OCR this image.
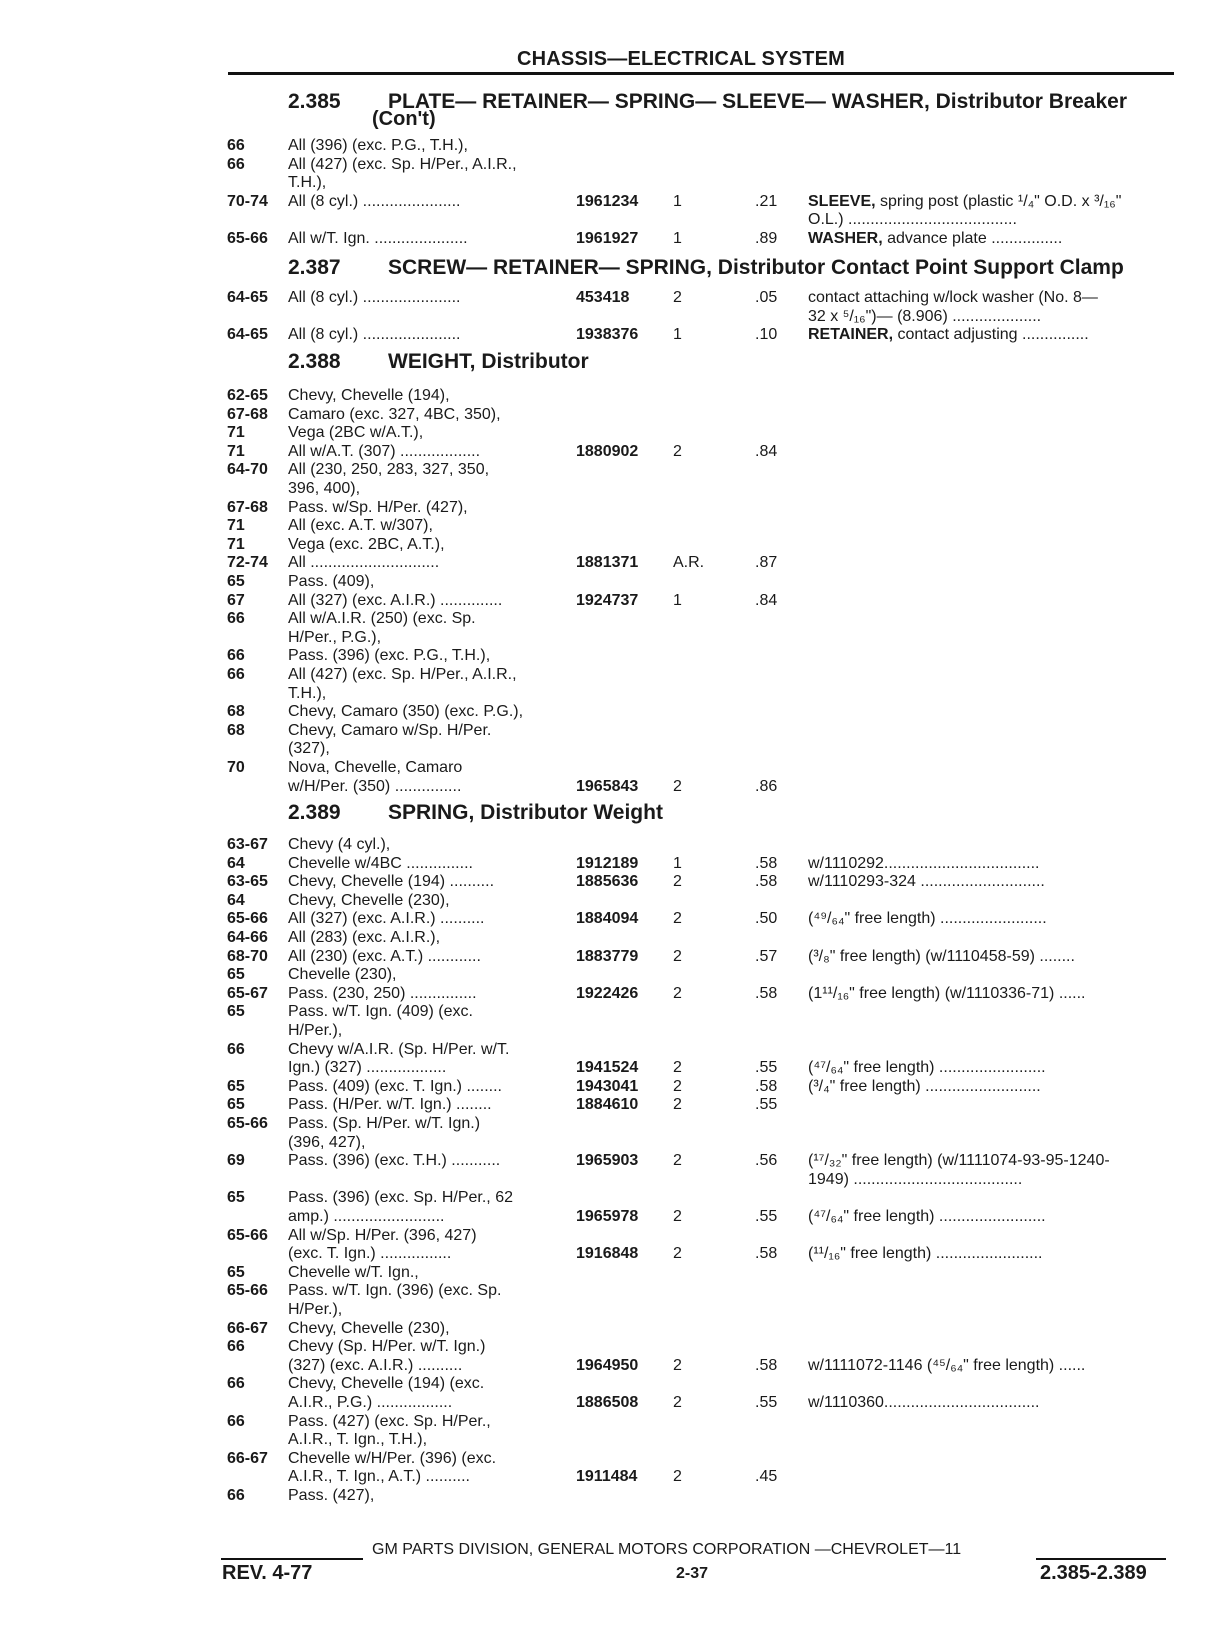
CHASSIS—ELECTRICAL SYSTEM
2.385 PLATE— RETAINER— SPRING— SLEEVE— WASHER, Distributor Breaker
(Con't)
2.387 SCREW— RETAINER— SPRING, Distributor Contact Point Support Clamp
2.388 WEIGHT, Distributor
2.389 SPRING, Distributor Weight
66	All (396) (exc. P.G., T.H.),
66	All (427) (exc. Sp. H/Per., A.I.R.,
T.H.),
70-74 All (8 cyl.) ......................	1961234 1	.21 SLEEVE, spring post (plastic ¹/₄" O.D. x ³/₁₆"
O.L.) ......................................
65-66 All w/T. Ign. .....................	1961927 1	.89 WASHER, advance plate ................
64-65 All (8 cyl.) ......................	453418	2	.05 contact attaching w/lock washer (No. 8—
32 x ⁵/₁₆")— (8.906) ....................
64-65 All (8 cyl.) ......................	1938376 1	.10 RETAINER, contact adjusting ...............
62-65 Chevy, Chevelle (194),
67-68 Camaro (exc. 327, 4BC, 350),
71	Vega (2BC w/A.T.),
71	All w/A.T. (307) ..................	1880902 2	.84
64-70 All (230, 250, 283, 327, 350,
396, 400),
67-68 Pass. w/Sp. H/Per. (427),
71	All (exc. A.T. w/307),
71	Vega (exc. 2BC, A.T.),
72-74 All .............................	1881371 A.R.	.87
65	Pass. (409),
67	All (327) (exc. A.I.R.) ..............	1924737 1	.84
66	All w/A.I.R. (250) (exc. Sp.
H/Per., P.G.),
66	Pass. (396) (exc. P.G., T.H.),
66	All (427) (exc. Sp. H/Per., A.I.R.,
T.H.),
68	Chevy, Camaro (350) (exc. P.G.),
68	Chevy, Camaro w/Sp. H/Per.
(327),
70	Nova, Chevelle, Camaro
w/H/Per. (350) ...............	1965843 2	.86
63-67 Chevy (4 cyl.),
64	Chevelle w/4BC ...............	1912189 1	.58 w/1110292...................................
63-65 Chevy, Chevelle (194) ..........	1885636 2	.58 w/1110293-324 ............................
64	Chevy, Chevelle (230),
65-66 All (327) (exc. A.I.R.) ..........	1884094 2	.50 (⁴⁹/₆₄" free length) ........................
64-66 All (283) (exc. A.I.R.),
68-70 All (230) (exc. A.T.) ............	1883779 2	.57 (³/₈" free length) (w/1110458-59) ........
65	Chevelle (230),
65-67 Pass. (230, 250) ...............	1922426 2	.58 (1¹¹/₁₆" free length) (w/1110336-71) ......
65	Pass. w/T. Ign. (409) (exc.
H/Per.),
66	Chevy w/A.I.R. (Sp. H/Per. w/T.
Ign.) (327) ..................	1941524 2	.55 (⁴⁷/₆₄" free length) ........................
65	Pass. (409) (exc. T. Ign.) ........	1943041 2	.58 (³/₄" free length) ..........................
65	Pass. (H/Per. w/T. Ign.) ........	1884610 2	.55
65-66 Pass. (Sp. H/Per. w/T. Ign.)
(396, 427),
69	Pass. (396) (exc. T.H.) ...........	1965903 2	.56 (¹⁷/₃₂" free length) (w/1111074-93-95-1240-
1949) ......................................
65	Pass. (396) (exc. Sp. H/Per., 62
amp.) .........................	1965978 2	.55 (⁴⁷/₆₄" free length) ........................
65-66 All w/Sp. H/Per. (396, 427)
(exc. T. Ign.) ................	1916848 2	.58 (¹¹/₁₆" free length) ........................
65	Chevelle w/T. Ign.,
65-66 Pass. w/T. Ign. (396) (exc. Sp.
H/Per.),
66-67 Chevy, Chevelle (230),
66	Chevy (Sp. H/Per. w/T. Ign.)
(327) (exc. A.I.R.) ..........	1964950 2	.58 w/1111072-1146 (⁴⁵/₆₄" free length) ......
66	Chevy, Chevelle (194) (exc.
A.I.R., P.G.) .................	1886508 2	.55 w/1110360...................................
66	Pass. (427) (exc. Sp. H/Per.,
A.I.R., T. Ign., T.H.),
66-67 Chevelle w/H/Per. (396) (exc.
A.I.R., T. Ign., A.T.) ..........	1911484 2	.45
66	Pass. (427),
GM PARTS DIVISION, GENERAL MOTORS CORPORATION —CHEVROLET—11
REV. 4-77	2-37	2.385-2.389
